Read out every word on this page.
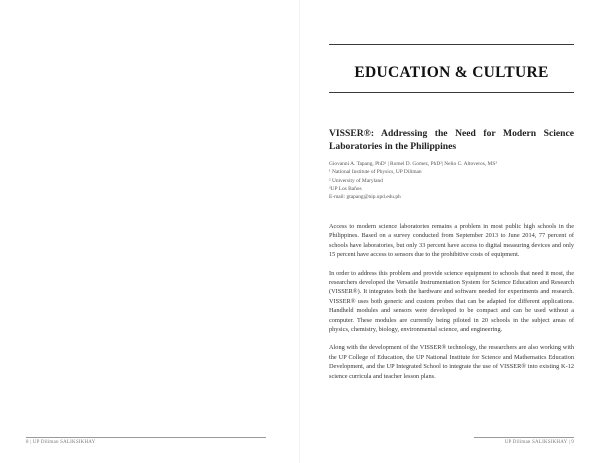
EDUCATION & CULTURE
VISSER®: Addressing the Need for Modern Science Laboratories in the Philippines
Giovanni A. Tapang, PhD¹ | Romel D. Gomez, PhD²| Nelio C. Altoveros, MS³
¹ National Institute of Physics, UP Diliman
² University of Maryland
³UP Los Baños
E-mail: gtapang@nip.upd.edu.ph

Access to modern science laboratories remains a problem in most public high schools in the Philippines. Based on a survey conducted from September 2013 to June 2014, 77 percent of schools have laboratories, but only 33 percent have access to digital measuring devices and only 15 percent have access to sensors due to the prohibitive costs of equipment.

In order to address this problem and provide science equipment to schools that need it most, the researchers developed the Versatile Instrumentation System for Science Education and Research (VISSER®). It integrates both the hardware and software needed for experiments and research. VISSER® uses both generic and custom probes that can be adapted for different applications. Handheld modules and sensors were developed to be compact and can be used without a computer. These modules are currently being piloted in 20 schools in the subject areas of physics, chemistry, biology, environmental science, and engineering.

Along with the development of the VISSER® technology, the researchers are also working with the UP College of Education, the UP National Institute for Science and Mathematics Education Development, and the UP Integrated School to integrate the use of VISSER® into existing K-12 science curricula and teacher lesson plans.

8 | UP Diliman SALIKSIKHAY	UP Diliman SALIKSIKHAY | 9
